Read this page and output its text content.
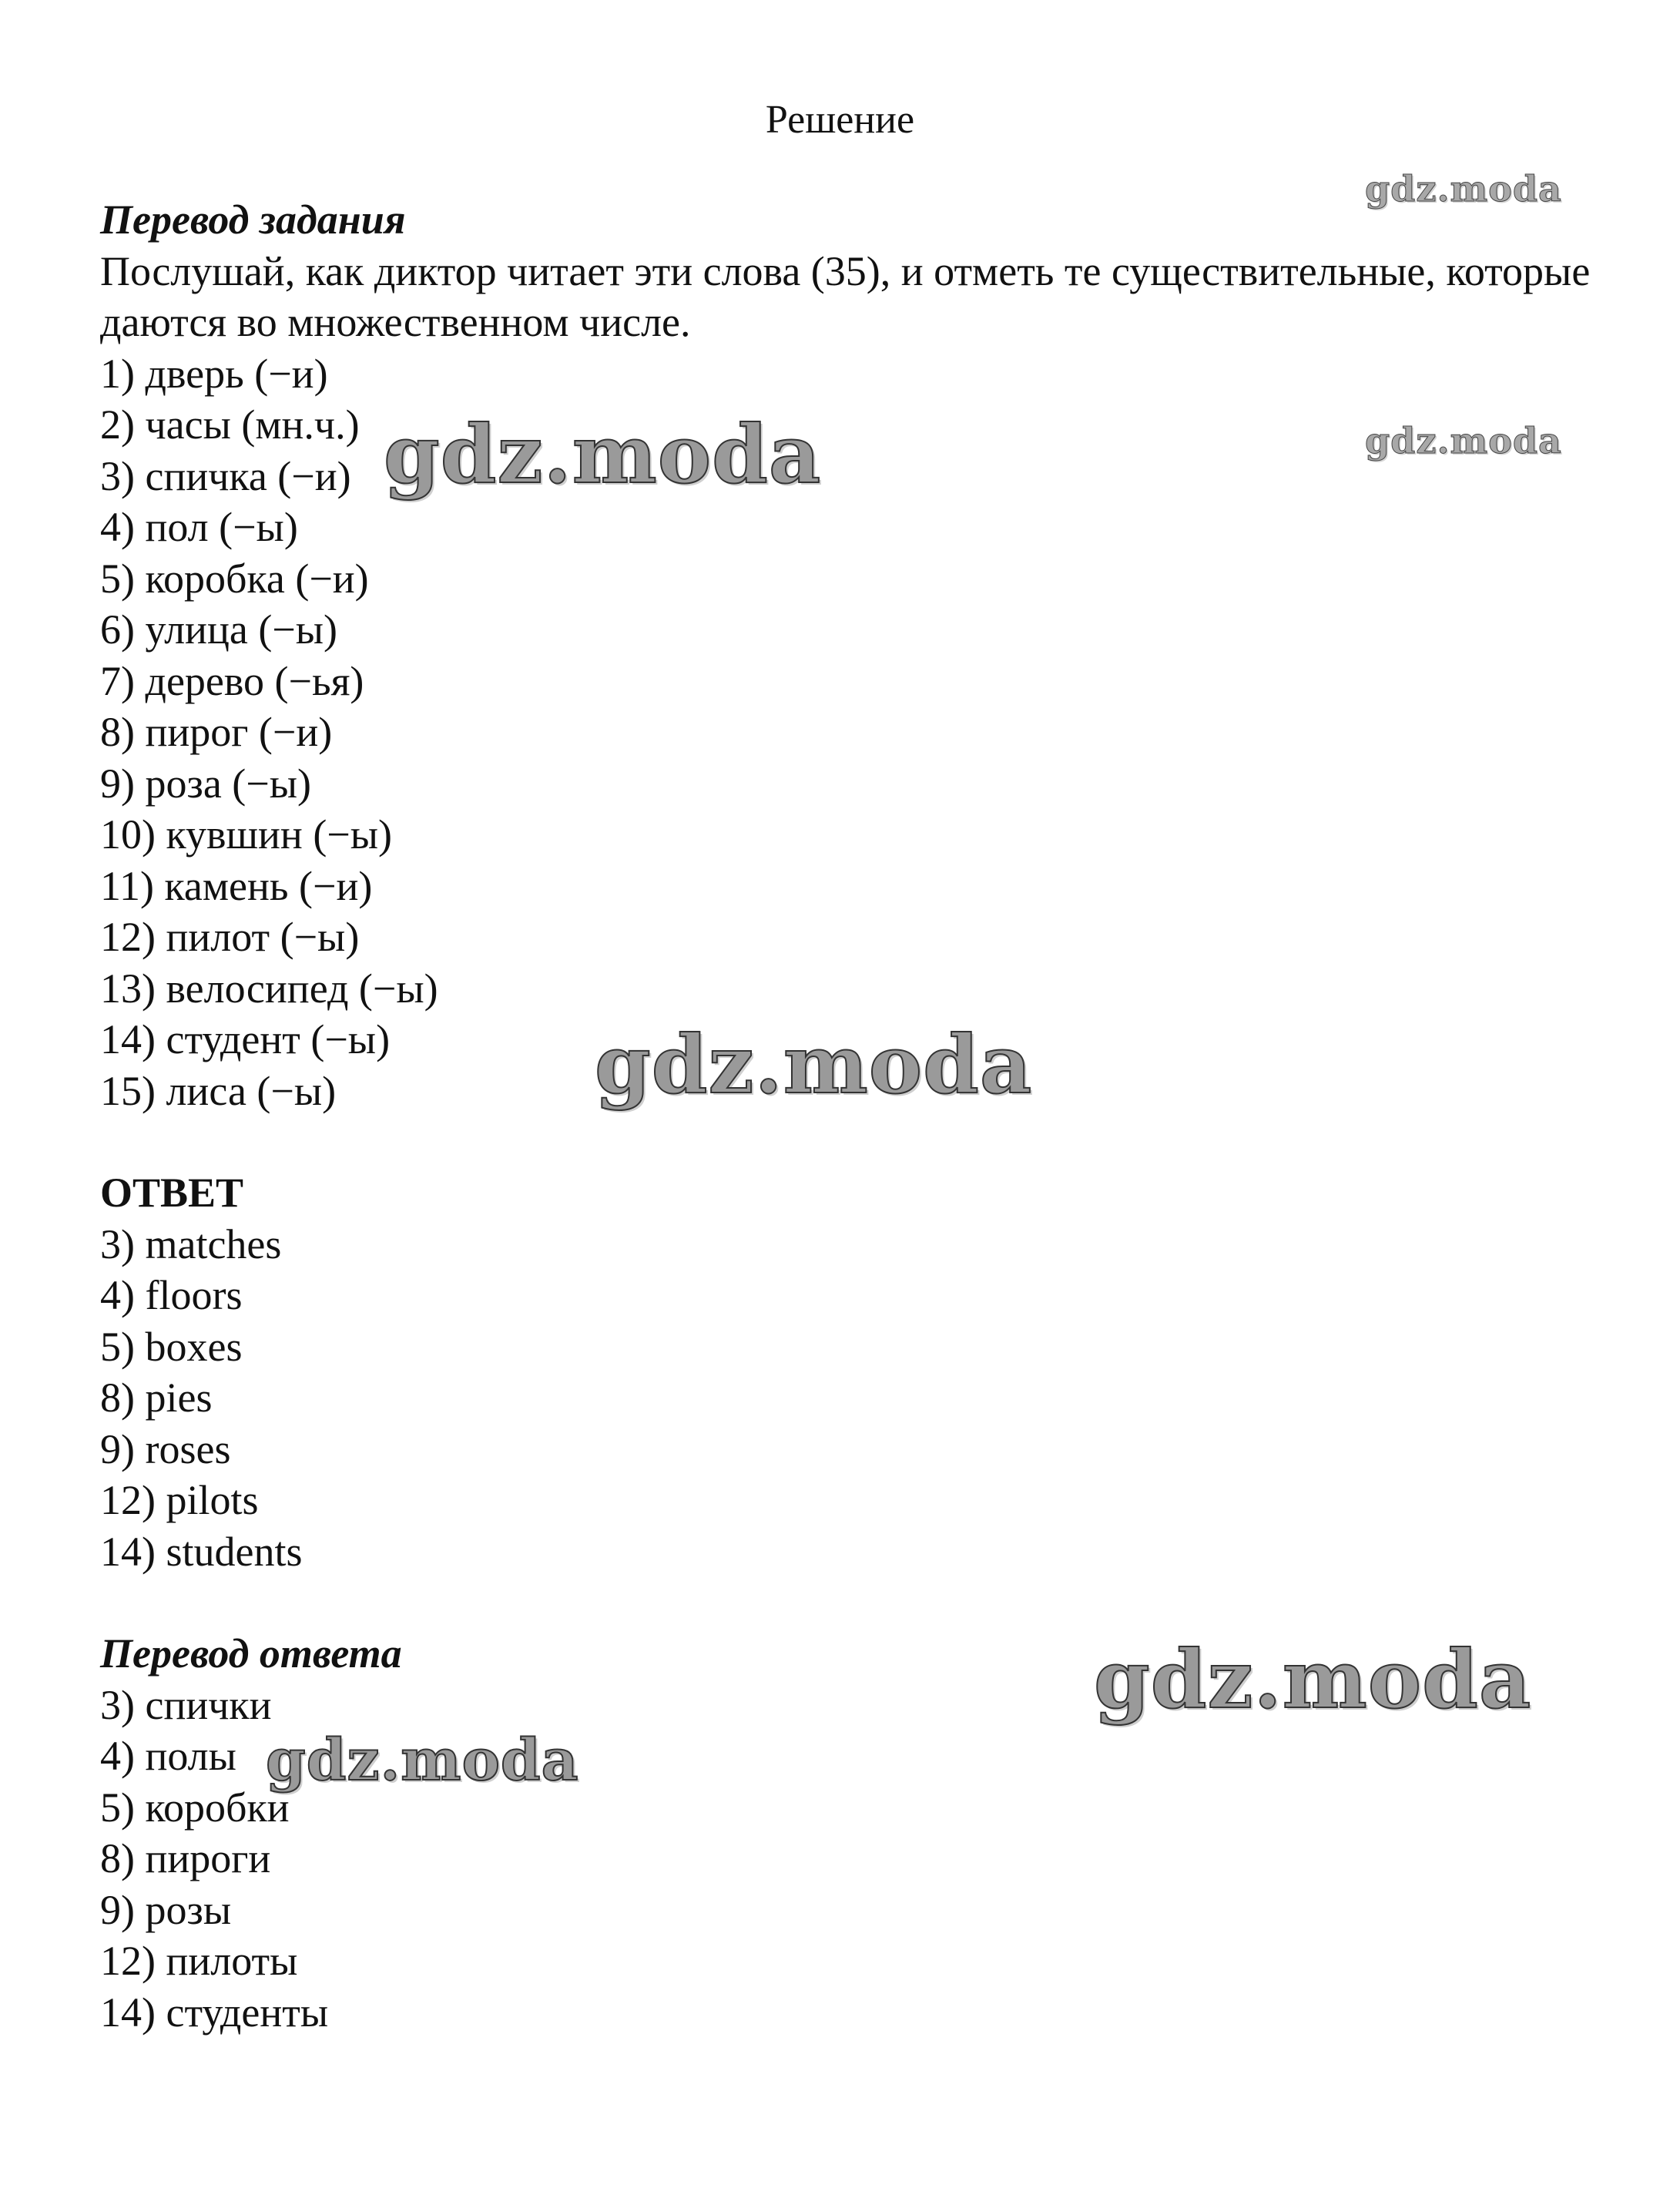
Решение
Перевод задания
Послушай, как диктор читает эти слова (35), и отметь те существительные, которые даются во множественном числе.
1) дверь (−и)
2) часы (мн.ч.)
3) спичка (−и)
4) пол (−ы)
5) коробка (−и)
6) улица (−ы)
7) дерево (−ья)
8) пирог (−и)
9) роза (−ы)
10) кувшин (−ы)
11) камень (−и)
12) пилот (−ы)
13) велосипед (−ы)
14) студент (−ы)
15) лиса (−ы)
ОТВЕТ
3) matches
4) floors
5) boxes
8) pies
9) roses
12) pilots
14) students
Перевод ответа
3) спички
4) полы
5) коробки
8) пироги
9) розы
12) пилоты
14) студенты
gdz.moda
gdz.moda
gdz.moda
gdz.moda
gdz.moda
gdz.moda
